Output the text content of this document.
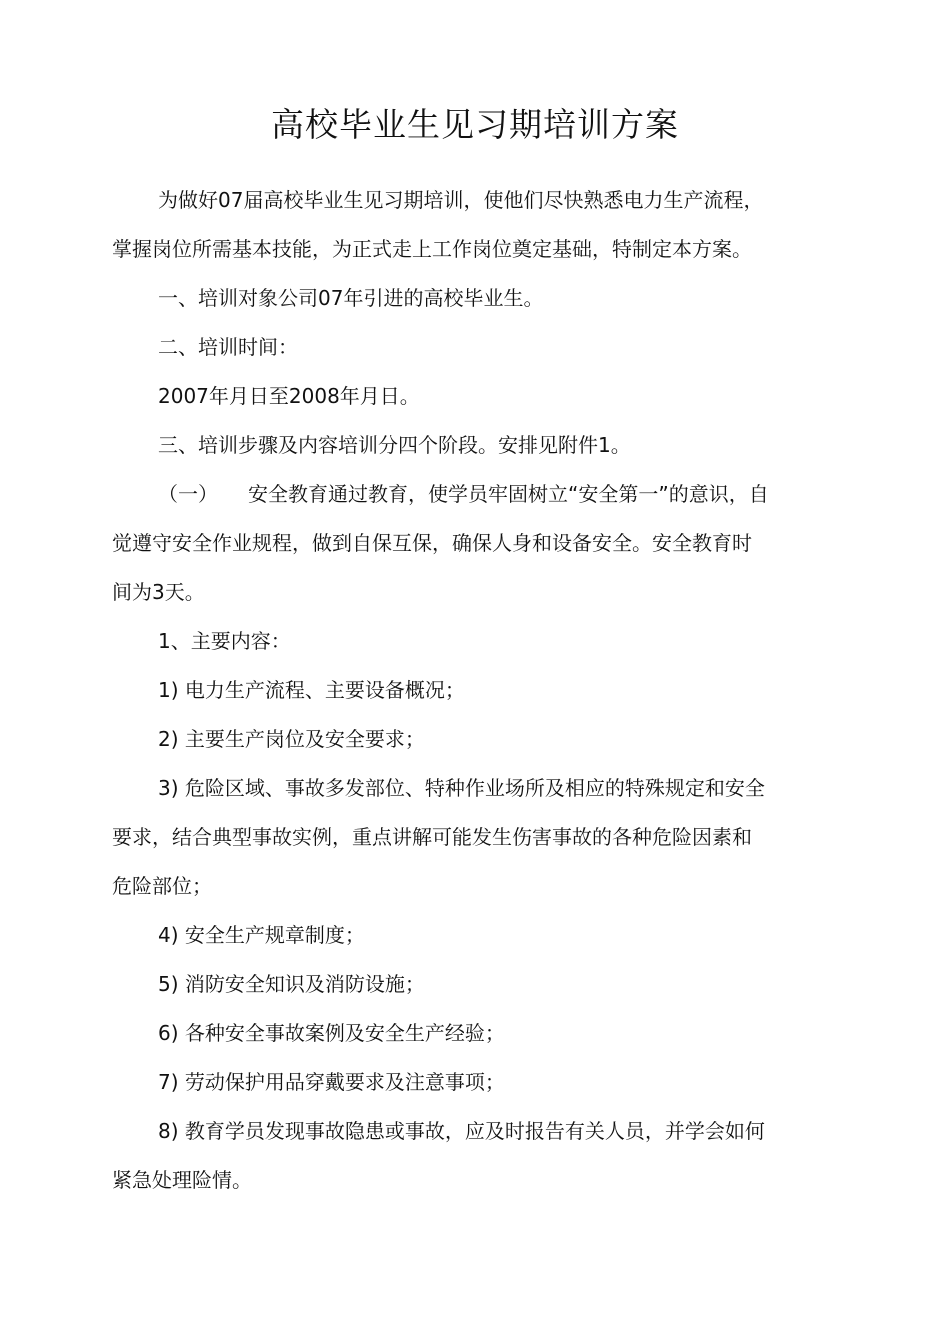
高校毕业生见习期培训方案

为做好07届高校毕业生见习期培训，使他们尽快熟悉电力生产流程，

掌握岗位所需基本技能，为正式走上工作岗位奠定基础，特制定本方案。

一、培训对象公司07年引进的高校毕业生。

二、培训时间：

2007年月日至2008年月日。

三、培训步骤及内容培训分四个阶段。安排见附件1。

（一） 安全教育通过教育，使学员牢固树立“安全第一”的意识，自

觉遵守安全作业规程，做到自保互保，确保人身和设备安全。安全教育时

间为3天。

1、主要内容：

1) 电力生产流程、主要设备概况；

2) 主要生产岗位及安全要求；

3) 危险区域、事故多发部位、特种作业场所及相应的特殊规定和安全

要求，结合典型事故实例，重点讲解可能发生伤害事故的各种危险因素和

危险部位；

4) 安全生产规章制度；

5) 消防安全知识及消防设施；

6) 各种安全事故案例及安全生产经验；

7) 劳动保护用品穿戴要求及注意事项；

8) 教育学员发现事故隐患或事故，应及时报告有关人员，并学会如何

紧急处理险情。
